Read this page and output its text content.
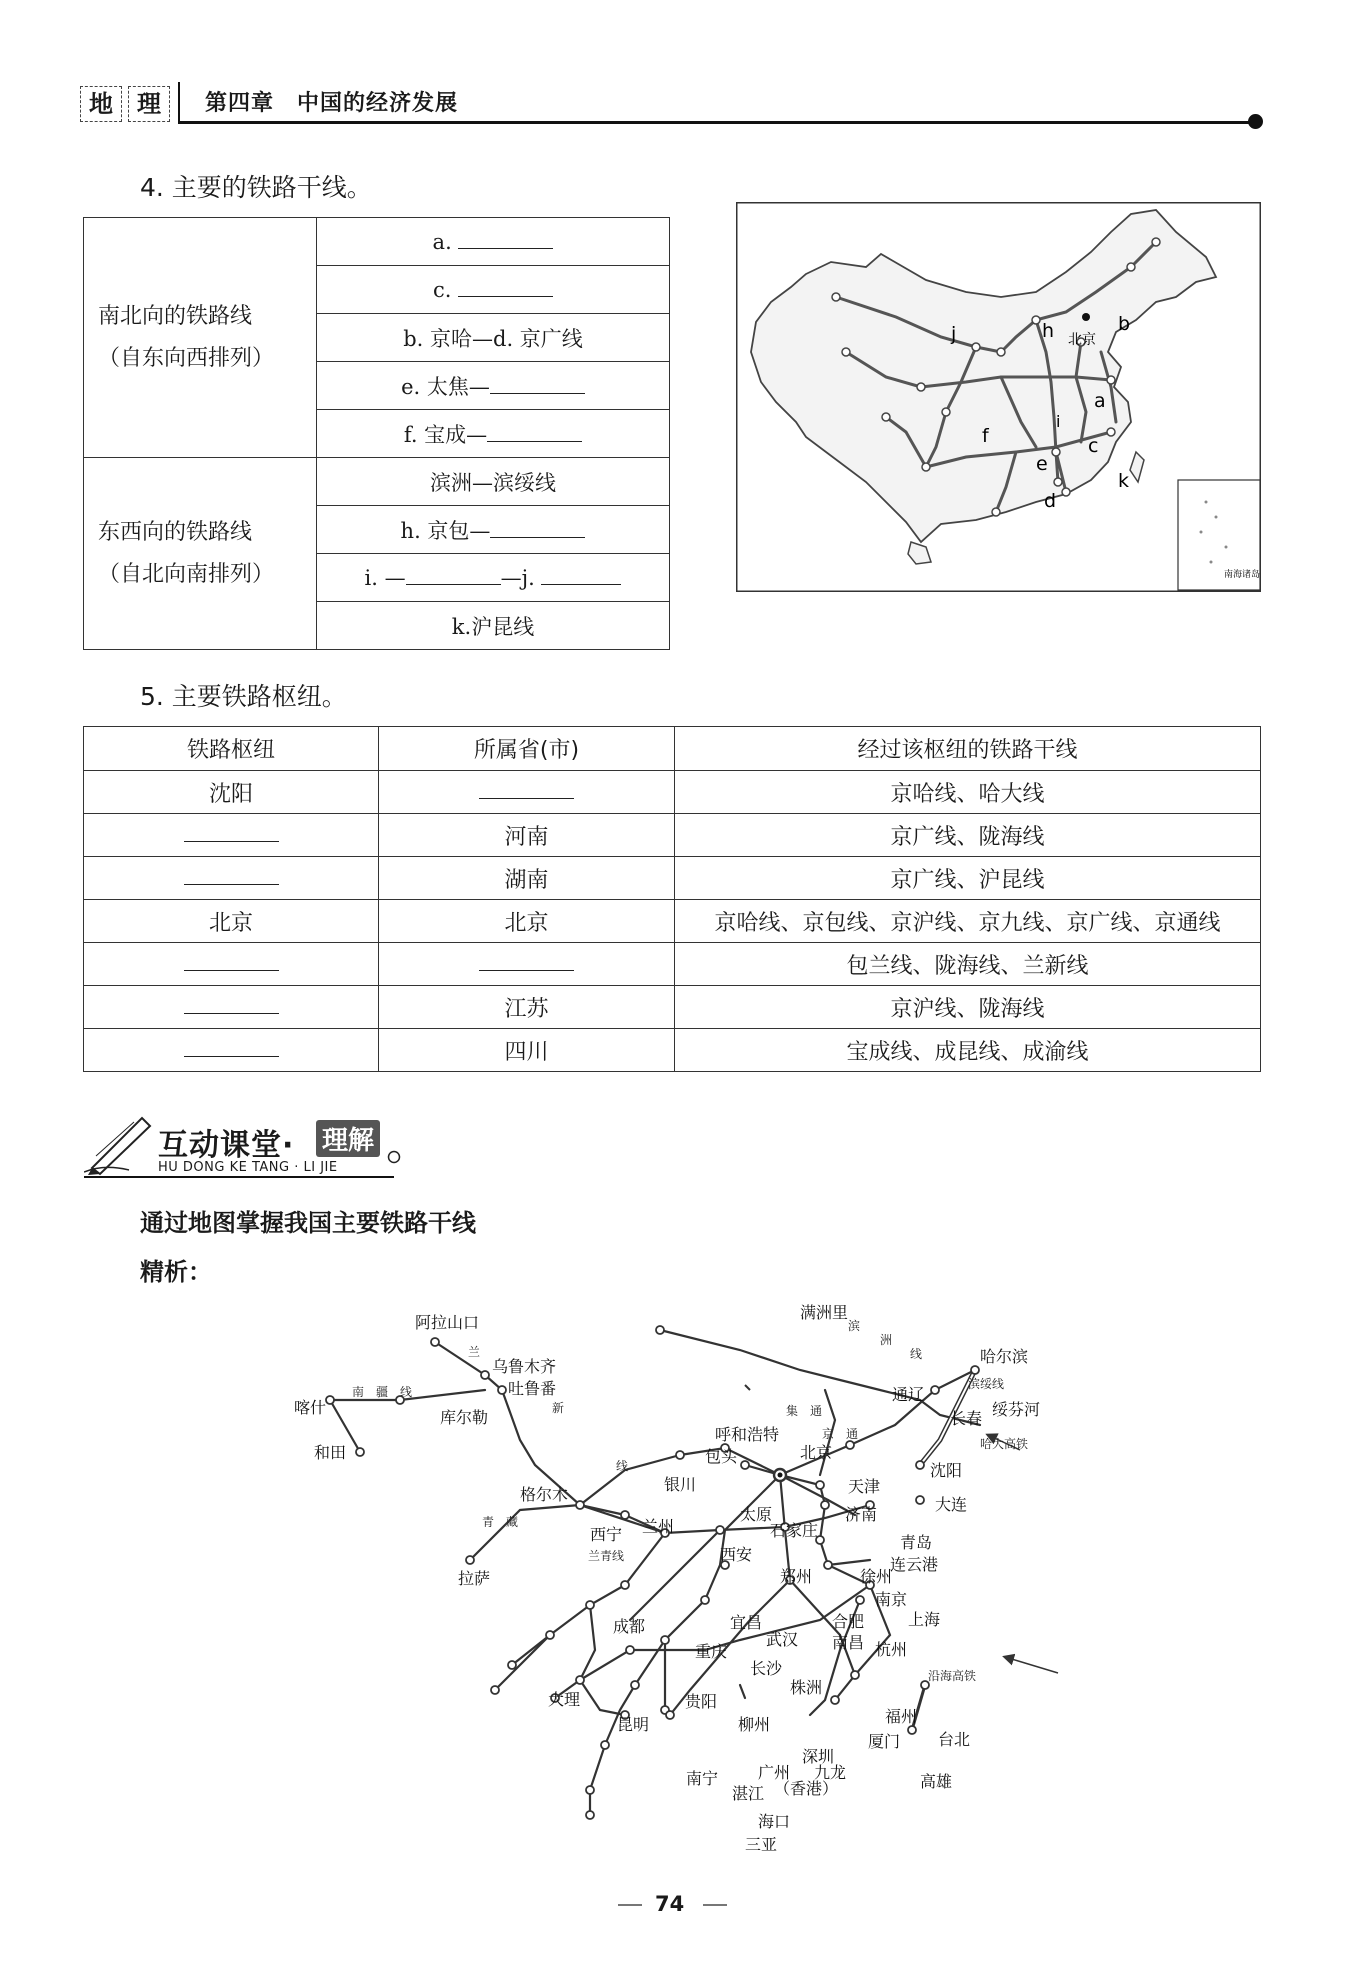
地	理	第四章　中国的经济发展
4. 主要的铁路干线。
南北向的铁路线
（自东向西排列）	a.
	c.
	b. 京哈—d. 京广线
	e. 太焦—
	f. 宝成—

东西向的铁路线
（自北向南排列）	滨洲—滨绥线
	h. 京包—
	i. — —j.
	k.沪昆线
j	h 北京
b
a
i
f	c
e
d
k
南海诸岛
5. 主要铁路枢纽。
铁路枢纽	所属省(市)	经过该枢纽的铁路干线
沈阳		京哈线、哈大线
	河南	京广线、陇海线
	湖南	京广线、沪昆线
北京	北京	京哈线、京包线、京沪线、京九线、京广线、京通线
		包兰线、陇海线、兰新线
	江苏	京沪线、陇海线
	四川	宝成线、成昆线、成渝线
互动课堂· 理解
HU DONG KE TANG · LI JIE
通过地图掌握我国主要铁路干线
精析：
阿拉山口
乌鲁木齐
吐鲁番
喀什
和田
库尔勒
格尔木
拉萨
西宁 兰州
银川
包头
呼和浩特
北京
天津
太原
石家庄
济南
青岛
连云港
西安
郑州	徐州
南京
上海
合肥
杭州
武汉
宜昌
成都
重庆	南昌
长沙
株洲
贵阳
昆明
大理
柳州
南宁
湛江
海口
三亚
广州
深圳
九龙
（香港）
福州
厦门 台北
高雄
满洲里
哈尔滨
绥芬河
长春
沈阳
大连
通辽
兰
新
线
南　疆　线
青　藏
兰青线
滨
洲
线
滨绥线
哈大高铁
沿海高铁
京　通
集　通
74
